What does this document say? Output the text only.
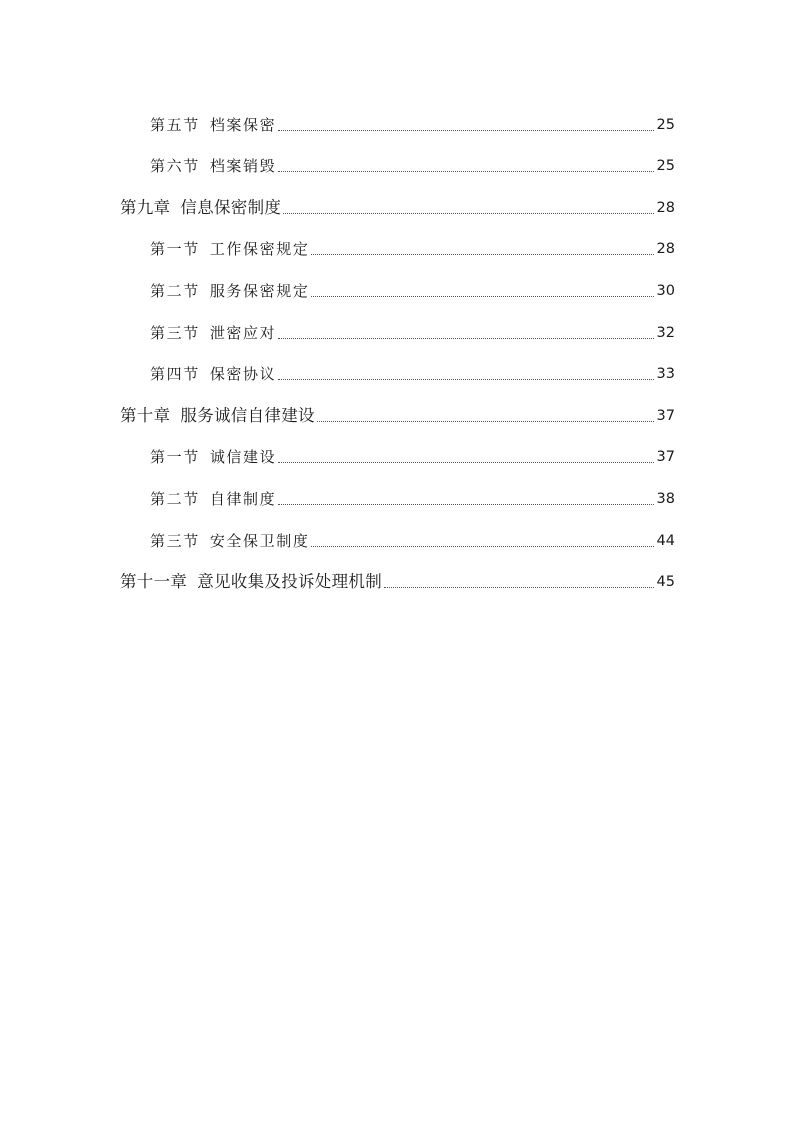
第五节 档案保密	25
第六节 档案销毁	25
第九章 信息保密制度	28
第一节 工作保密规定	28
第二节 服务保密规定	30
第三节 泄密应对	32
第四节 保密协议	33
第十章 服务诚信自律建设	37
第一节 诚信建设	37
第二节 自律制度	38
第三节 安全保卫制度	44
第十一章 意见收集及投诉处理机制	45
